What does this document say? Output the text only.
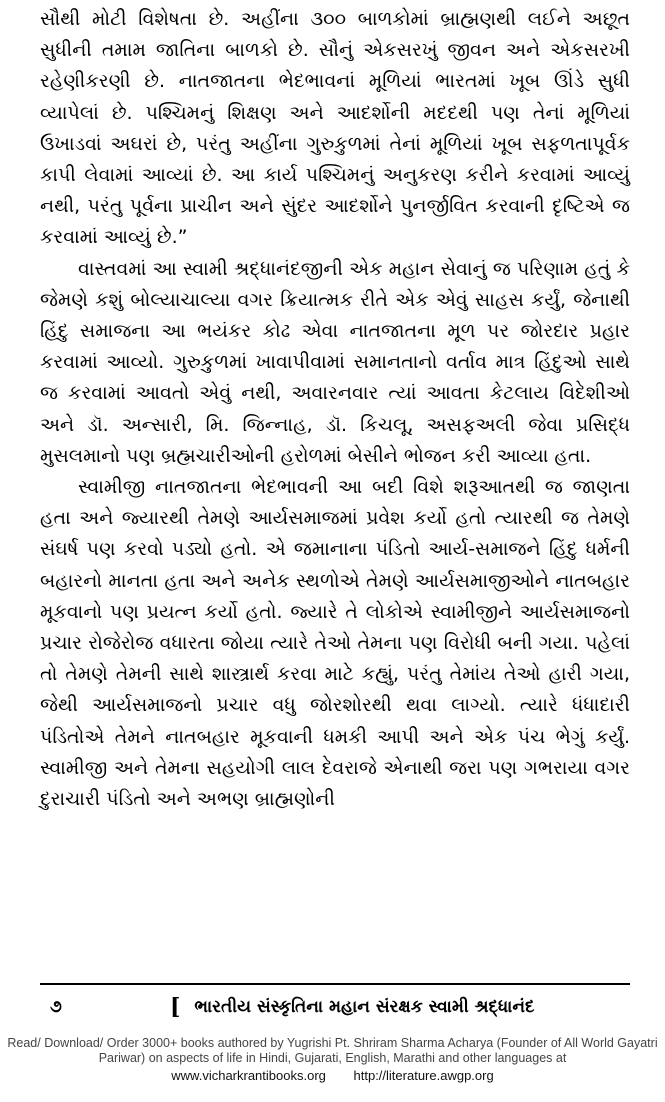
સૌથી મોટી વિશેષતા છે. અહીંના ૩૦૦ બાળકોમાં બ્રાહ્મણથી લઈને અછૂત સુધીની તમામ જાતિના બાળકો છે. સૌનું એકસરખું જીવન અને એકસરખી રહેણીકરણી છે. નાતજાતના ભેદભાવનાં મૂળિયાં ભારતમાં ખૂબ ઊંડે સુધી વ્યાપેલાં છે. પશ્ચિમનું શિક્ષણ અને આદર્શોની મદદથી પણ તેનાં મૂળિયાં ઉખાડવાં અઘરાં છે, પરંતુ અહીંના ગુરુકુળમાં તેનાં મૂળિયાં ખૂબ સફળતાપૂર્વક કાપી લેવામાં આવ્યાં છે. આ કાર્ય પશ્ચિમનું અનુકરણ કરીને કરવામાં આવ્યું નથી, પરંતુ પૂર્વના પ્રાચીન અને સુંદર આદર્શોને પુનર્જીવિત કરવાની દૃષ્ટિએ જ કરવામાં આવ્યું છે.”

વાસ્તવમાં આ સ્વામી શ્રદ્ધાનંદજીની એક મહાન સેવાનું જ પરિણામ હતું કે જેમણે કશું બોલ્યાચાલ્યા વગર ક્રિયાત્મક રીતે એક એવું સાહસ કર્યું, જેનાથી હિંદુ સમાજના આ ભયંકર કોઢ એવા નાતજાતના મૂળ પર જોરદાર પ્રહાર કરવામાં આવ્યો. ગુરુકુળમાં ખાવાપીવામાં સમાનતાનો વર્તાવ માત્ર હિંદુઓ સાથે જ કરવામાં આવતો એવું નથી, અવારનવાર ત્યાં આવતા કેટલાય વિદેશીઓ અને ડૉ. અન્સારી, મિ. જિન્નાહ, ડૉ. કિચલૂ, અસફઅલી જેવા પ્રસિદ્ધ મુસલમાનો પણ બ્રહ્મચારીઓની હરોળમાં બેસીને ભોજન કરી આવ્યા હતા.

સ્વામીજી નાતજાતના ભેદભાવની આ બદી વિશે શરૂઆતથી જ જાણતા હતા અને જ્યારથી તેમણે આર્યસમાજમાં પ્રવેશ કર્યો હતો ત્યારથી જ તેમણે સંઘર્ષ પણ કરવો પડ્યો હતો. એ જમાનાના પંડિતો આર્ય-સમાજને હિંદુ ધર્મની બહારનો માનતા હતા અને અનેક સ્થળોએ તેમણે આર્યસમાજીઓને નાતબહાર મૂકવાનો પણ પ્રયત્ન કર્યો હતો. જ્યારે તે લોકોએ સ્વામીજીને આર્યસમાજનો પ્રચાર રોજેરોજ વધારતા જોયા ત્યારે તેઓ તેમના પણ વિરોધી બની ગયા. પહેલાં તો તેમણે તેમની સાથે શાસ્ત્રાર્થ કરવા માટે કહ્યું, પરંતુ તેમાંય તેઓ હારી ગયા, જેથી આર્યસમાજનો પ્રચાર વધુ જોરશોરથી થવા લાગ્યો. ત્યારે ધંધાદારી પંડિતોએ તેમને નાતબહાર મૂકવાની ધમકી આપી અને એક પંચ ભેગું કર્યું. સ્વામીજી અને તેમના સહયોગી લાલ દેવરાજે એનાથી જરા પણ ગભરાયા વગર દુરાચારી પંડિતો અને અભણ બ્રાહ્મણોની

૭	[ ભારતીય સંસ્કૃતિના મહાન સંરક્ષક સ્વામી શ્રદ્ધાનંદ
Read/ Download/ Order 3000+ books authored by Yugrishi Pt. Shriram Sharma Acharya (Founder of All World Gayatri Pariwar) on aspects of life in Hindi, Gujarati, English, Marathi and other languages at
www.vicharkrantibooks.org http://literature.awgp.org
